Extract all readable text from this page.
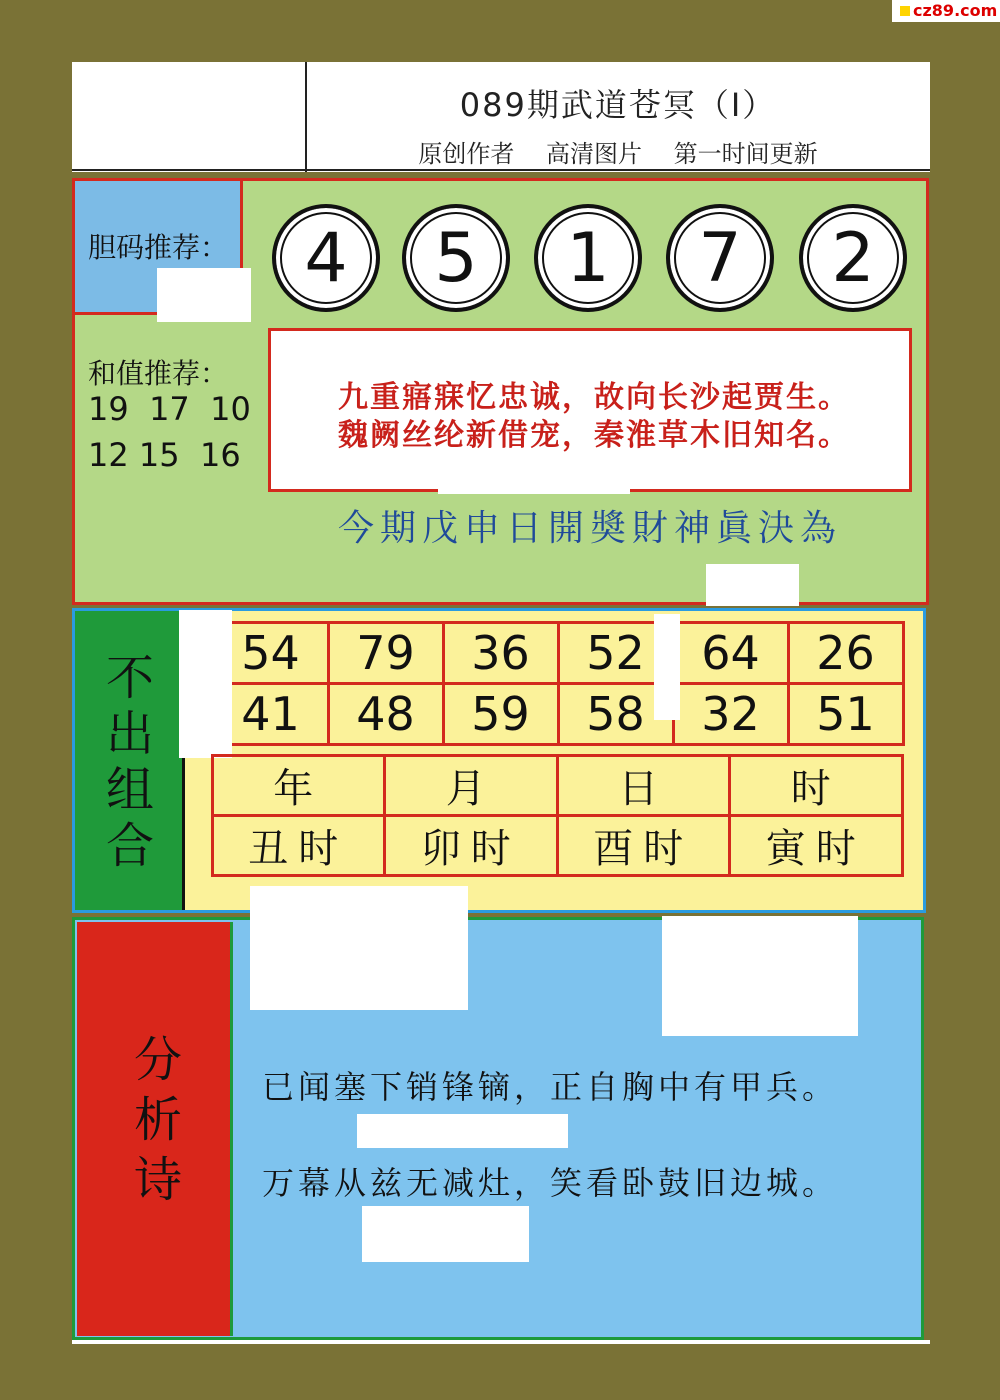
cz89.com
089期武道苍冥（Ⅰ）
原创作者 高清图片 第一时间更新
胆码推荐：	4	5	1	7	2
和值推荐：
19 17 10
12 15 16
九重寤寐忆忠诚，故向长沙起贾生。
魏阙丝纶新借宠，秦淮草木旧知名。
今期戊申日開奬財神眞決為
不
出
组
合
54	79	36	52	64	26
41	48	59	58	32	51
年	月	日	时
丑时	卯时	酉时	寅时
分
析
诗
已闻塞下销锋镝，正自胸中有甲兵。
万幕从兹无减灶，笑看卧鼓旧边城。
